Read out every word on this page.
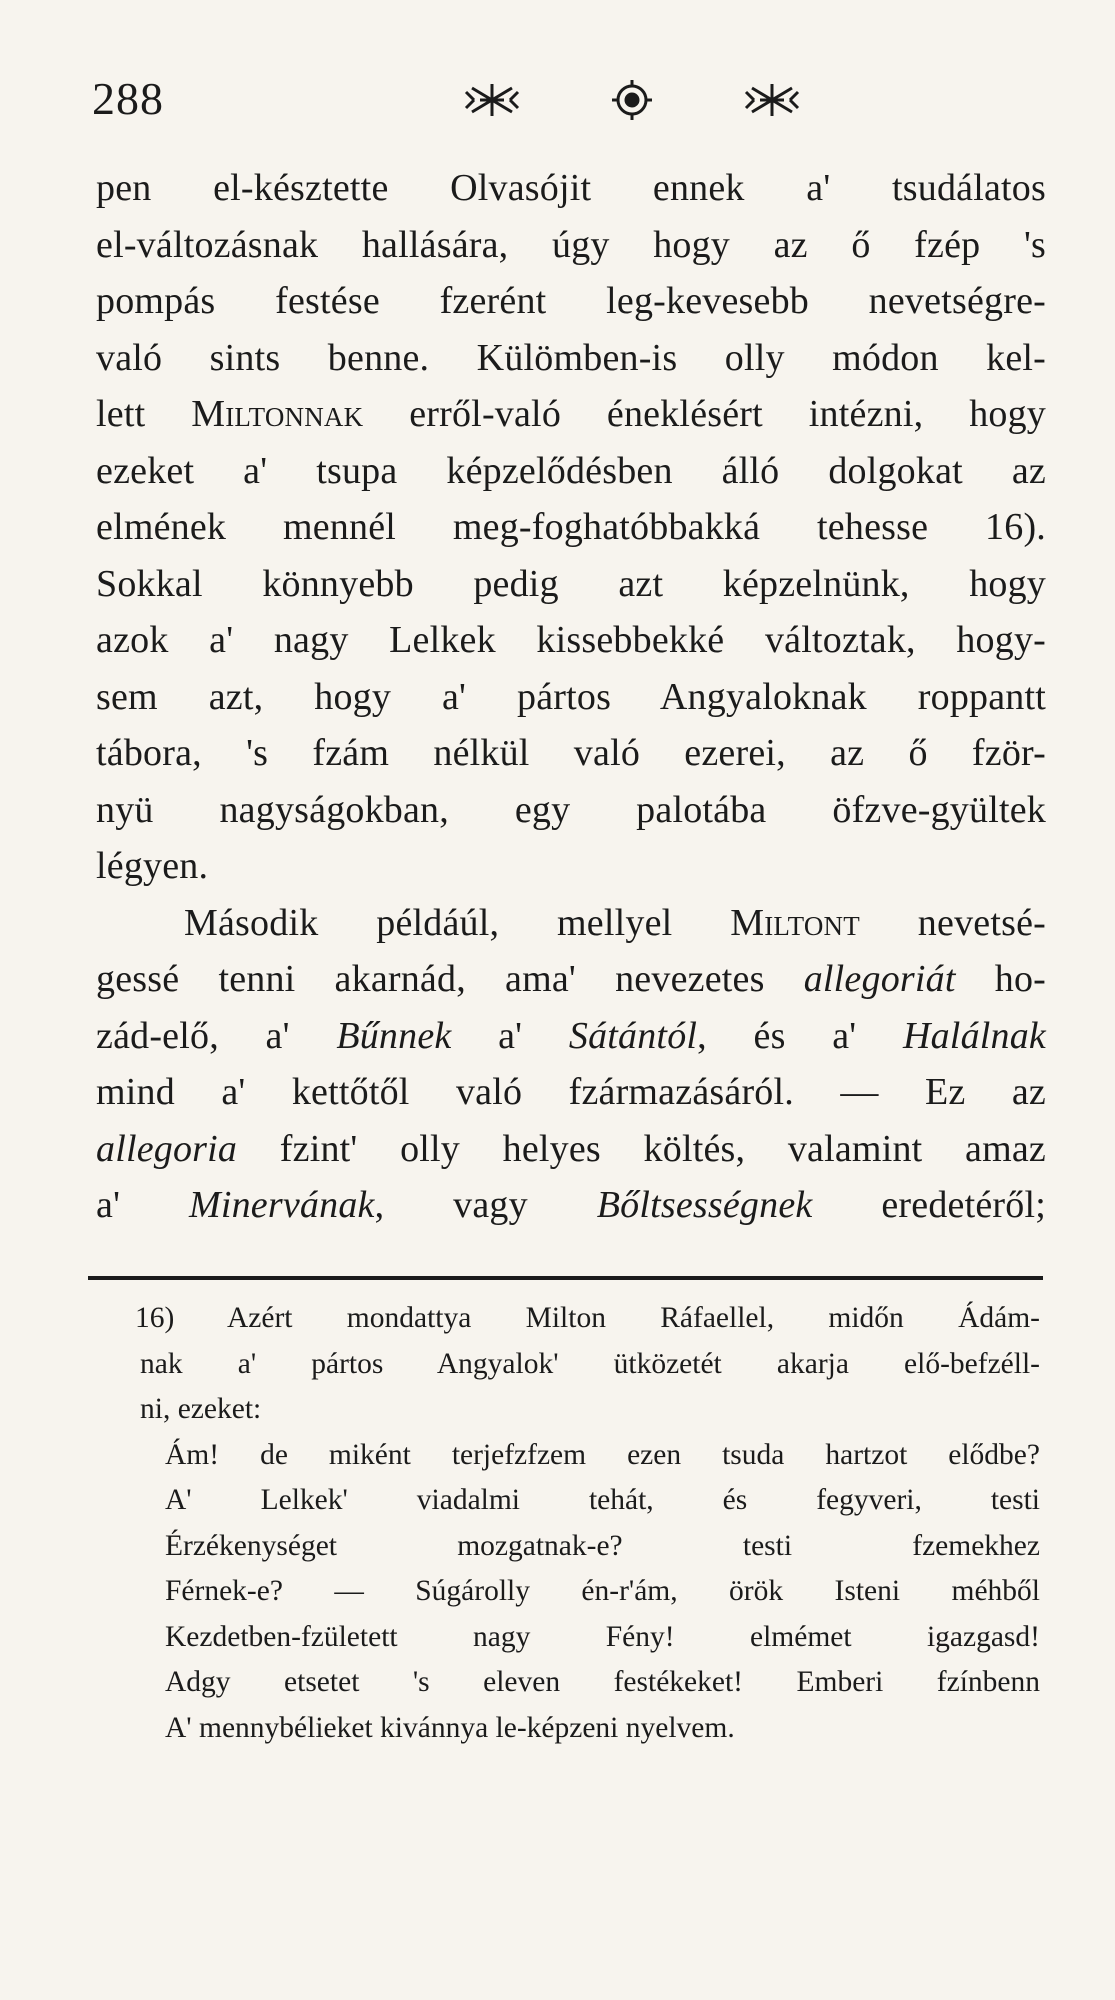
288
pen el-késztette Olvasójit ennek a' tsudálatos
el-változásnak hallására, úgy hogy az ő fzép 's
pompás festése fzerént leg-kevesebb nevetségre-
való sints benne. Külömben-is olly módon kel-
lett Miltonnak erről-való éneklésért intézni, hogy
ezeket a' tsupa képzelődésben álló dolgokat az
elmének mennél meg-foghatóbbakká tehesse 16).
Sokkal könnyebb pedig azt képzelnünk, hogy
azok a' nagy Lelkek kissebbekké változtak, hogy-
sem azt, hogy a' pártos Angyaloknak roppantt
tábora, 's fzám nélkül való ezerei, az ő fzör-
nyü nagyságokban, egy palotába öfzve-gyültek
légyen.
Második példáúl, mellyel Miltont nevetsé-
gessé tenni akarnád, ama' nevezetes allegoriát ho-
zád-elő, a' Bűnnek a' Sátántól, és a' Halálnak
mind a' kettőtől való fzármazásáról. — Ez az
allegoria fzint' olly helyes költés, valamint amaz
a' Minervának, vagy Bőltsességnek eredetéről;
16) Azért mondattya Milton Ráfaellel, midőn Ádám-
nak a' pártos Angyalok' ütközetét akarja elő-befzéll-
ni, ezeket:
Ám! de miként terjefzfzem ezen tsuda hartzot elődbe?
A' Lelkek' viadalmi tehát, és fegyveri, testi
Érzékenységet mozgatnak-e? testi fzemekhez
Férnek-e? — Súgárolly én-r'ám, örök Isteni méhből
Kezdetben-fzületett nagy Fény! elmémet igazgasd!
Adgy etsetet 's eleven festékeket! Emberi fzínbenn
A' mennybélieket kivánnya le-képzeni nyelvem.
